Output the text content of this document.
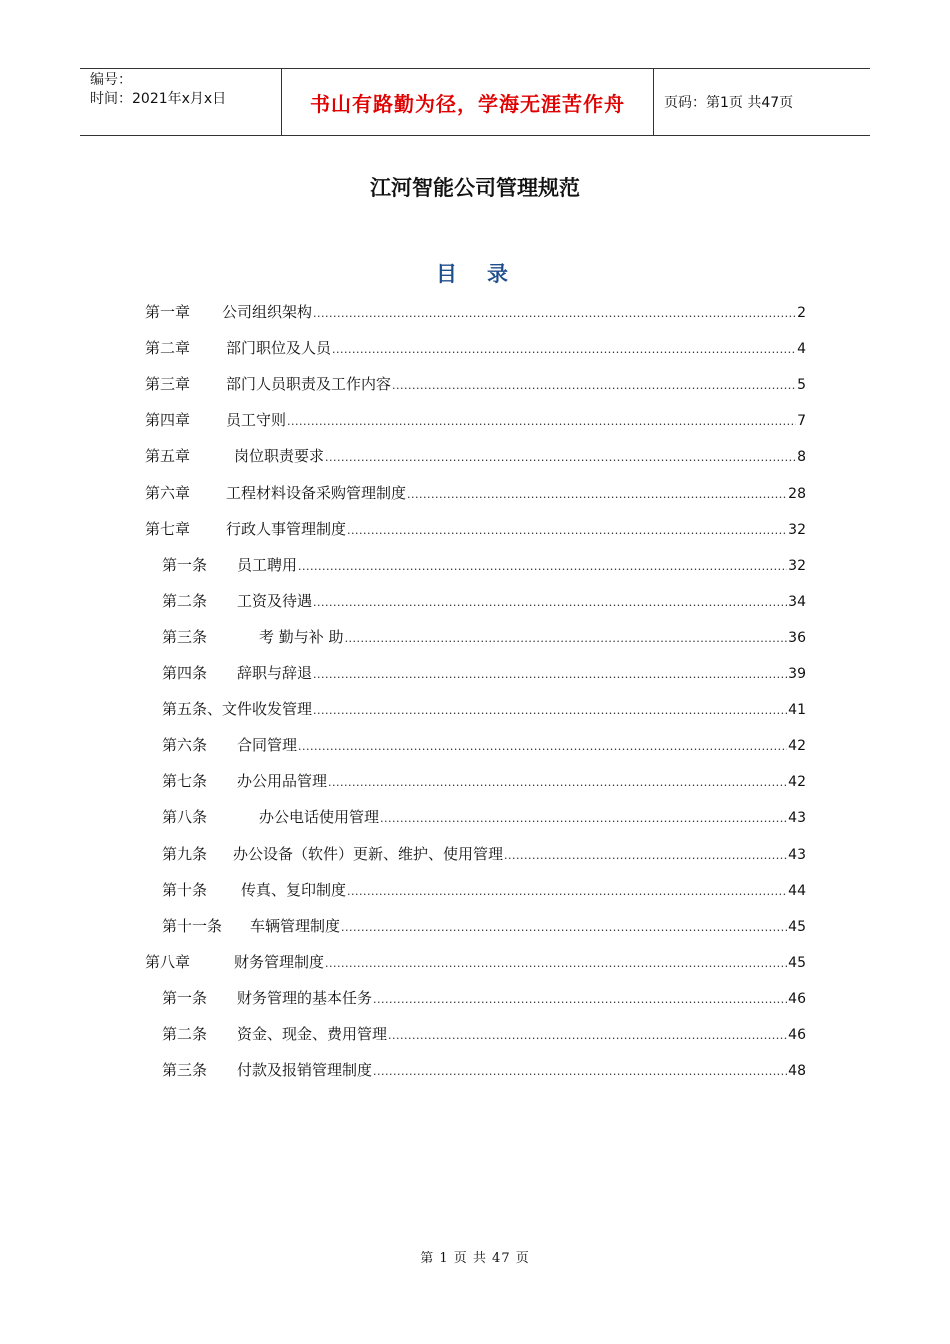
编号：
时间：2021年x月x日	书山有路勤为径，学海无涯苦作舟	页码：第1页 共47页
江河智能公司管理规范
目录
第一章 公司组织架构 .....	2
第二章 部门职位及人员 .....	4
第三章 部门人员职责及工作内容 .....	5
第四章 员工守则 .....	7
第五章	岗位职责要求 .....	8
第六章 工程材料设备采购管理制度 .....	28
第七章 行政人事管理制度 .....	32
第一条 员工聘用 .....	32
第二条 工资及待遇 .....	34
第三条	考 勤与补 助 .....	36
第四条 辞职与辞退 .....	39
第五条、 文件收发管理 .....	41
第六条 合同管理 .....	42
第七条 办公用品管理 .....	42
第八条	办公电话使用管理 .....	43
第九条 办公设备（软件）更新、维护、使用管理 .....	43
第十条 传真、复印制度 .....	44
第十一条 车辆管理制度 .....	45
第八章	财务管理制度 .....	45
第一条 财务管理的基本任务 .....	46
第二条 资金、现金、费用管理 .....	46
第三条 付款及报销管理制度 .....	48
第 1 页 共 47 页
